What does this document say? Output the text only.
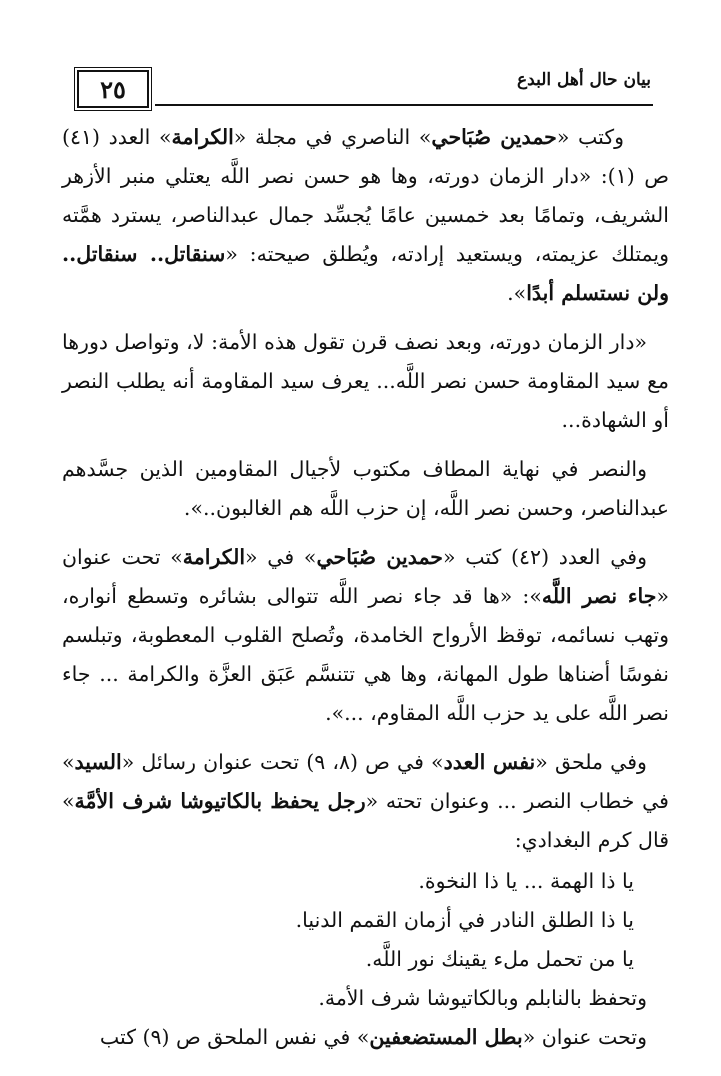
٢٥	بيان حال أهل البدع

وكتب «حمدين صُبَاحي» الناصري في مجلة «الكرامة» العدد (٤١) ص (١): «دار الزمان دورته، وها هو حسن نصر اللَّه يعتلي منبر الأزهر الشريف، وتمامًا بعد خمسين عامًا يُجسِّد جمال عبدالناصر، يسترد همَّته ويمتلك عزيمته، ويستعيد إرادته، ويُطلق صيحته: «سنقاتل.. سنقاتل.. ولن نستسلم أبدًا».

«دار الزمان دورته، وبعد نصف قرن تقول هذه الأمة: لا، وتواصل دورها مع سيد المقاومة حسن نصر اللَّه... يعرف سيد المقاومة أنه يطلب النصر أو الشهادة...

والنصر في نهاية المطاف مكتوب لأجيال المقاومين الذين جسَّدهم عبدالناصر، وحسن نصر اللَّه، إن حزب اللَّه هم الغالبون..».

وفي العدد (٤٢) كتب «حمدين صُبَاحي» في «الكرامة» تحت عنوان «جاء نصر اللَّه»: «ها قد جاء نصر اللَّه تتوالى بشائره وتسطع أنواره، وتهب نسائمه، توقظ الأرواح الخامدة، وتُصلح القلوب المعطوبة، وتبلسم نفوسًا أضناها طول المهانة، وها هي تتنسَّم عَبَق العزَّة والكرامة ... جاء نصر اللَّه على يد حزب اللَّه المقاوم، ...».

وفي ملحق «نفس العدد» في ص (٨، ٩) تحت عنوان رسائل «السيد» في خطاب النصر ... وعنوان تحته «رجل يحفظ بالكاتيوشا شرف الأمَّة» قال كرم البغدادي:

يا ذا الهمة ... يا ذا النخوة.

يا ذا الطلق النادر في أزمان القمم الدنيا.

يا من تحمل ملء يقينك نور اللَّه.

وتحفظ بالنابلم وبالكاتيوشا شرف الأمة.

وتحت عنوان «بطل المستضعفين» في نفس الملحق ص (٩) كتب
